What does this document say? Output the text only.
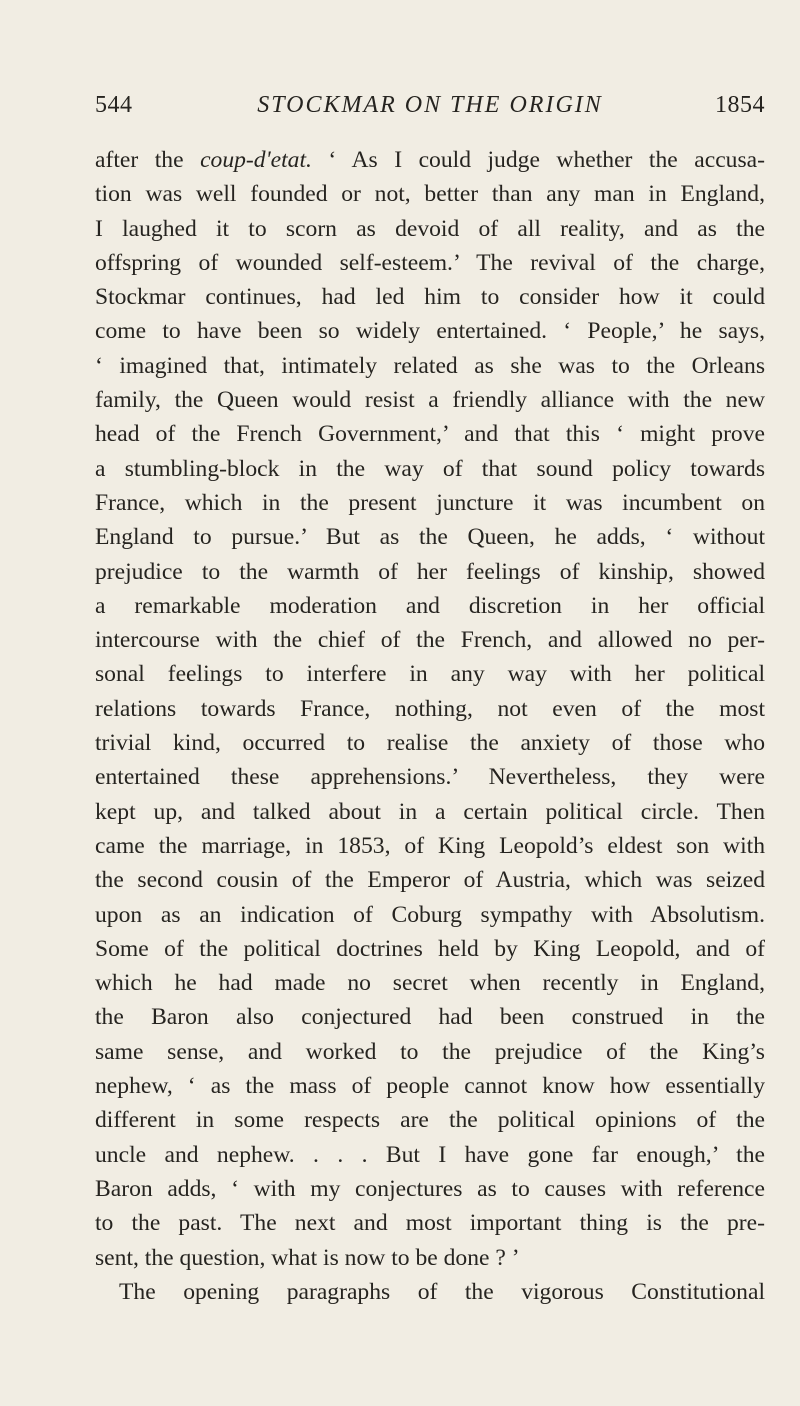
544	STOCKMAR ON THE ORIGIN	1854
after the coup-d'etat. ‘ As I could judge whether the accusa-
tion was well founded or not, better than any man in England,
I laughed it to scorn as devoid of all reality, and as the
offspring of wounded self-esteem.’ The revival of the charge,
Stockmar continues, had led him to consider how it could
come to have been so widely entertained. ‘ People,’ he says,
‘ imagined that, intimately related as she was to the Orleans
family, the Queen would resist a friendly alliance with the new
head of the French Government,’ and that this ‘ might prove
a stumbling-block in the way of that sound policy towards
France, which in the present juncture it was incumbent on
England to pursue.’ But as the Queen, he adds, ‘ without
prejudice to the warmth of her feelings of kinship, showed
a remarkable moderation and discretion in her official
intercourse with the chief of the French, and allowed no per-
sonal feelings to interfere in any way with her political
relations towards France, nothing, not even of the most
trivial kind, occurred to realise the anxiety of those who
entertained these apprehensions.’ Nevertheless, they were
kept up, and talked about in a certain political circle. Then
came the marriage, in 1853, of King Leopold’s eldest son with
the second cousin of the Emperor of Austria, which was seized
upon as an indication of Coburg sympathy with Absolutism.
Some of the political doctrines held by King Leopold, and of
which he had made no secret when recently in England,
the Baron also conjectured had been construed in the
same sense, and worked to the prejudice of the King’s
nephew, ‘ as the mass of people cannot know how essentially
different in some respects are the political opinions of the
uncle and nephew. . . . But I have gone far enough,’ the
Baron adds, ‘ with my conjectures as to causes with reference
to the past. The next and most important thing is the pre-
sent, the question, what is now to be done ? ’
The opening paragraphs of the vigorous Constitutional
